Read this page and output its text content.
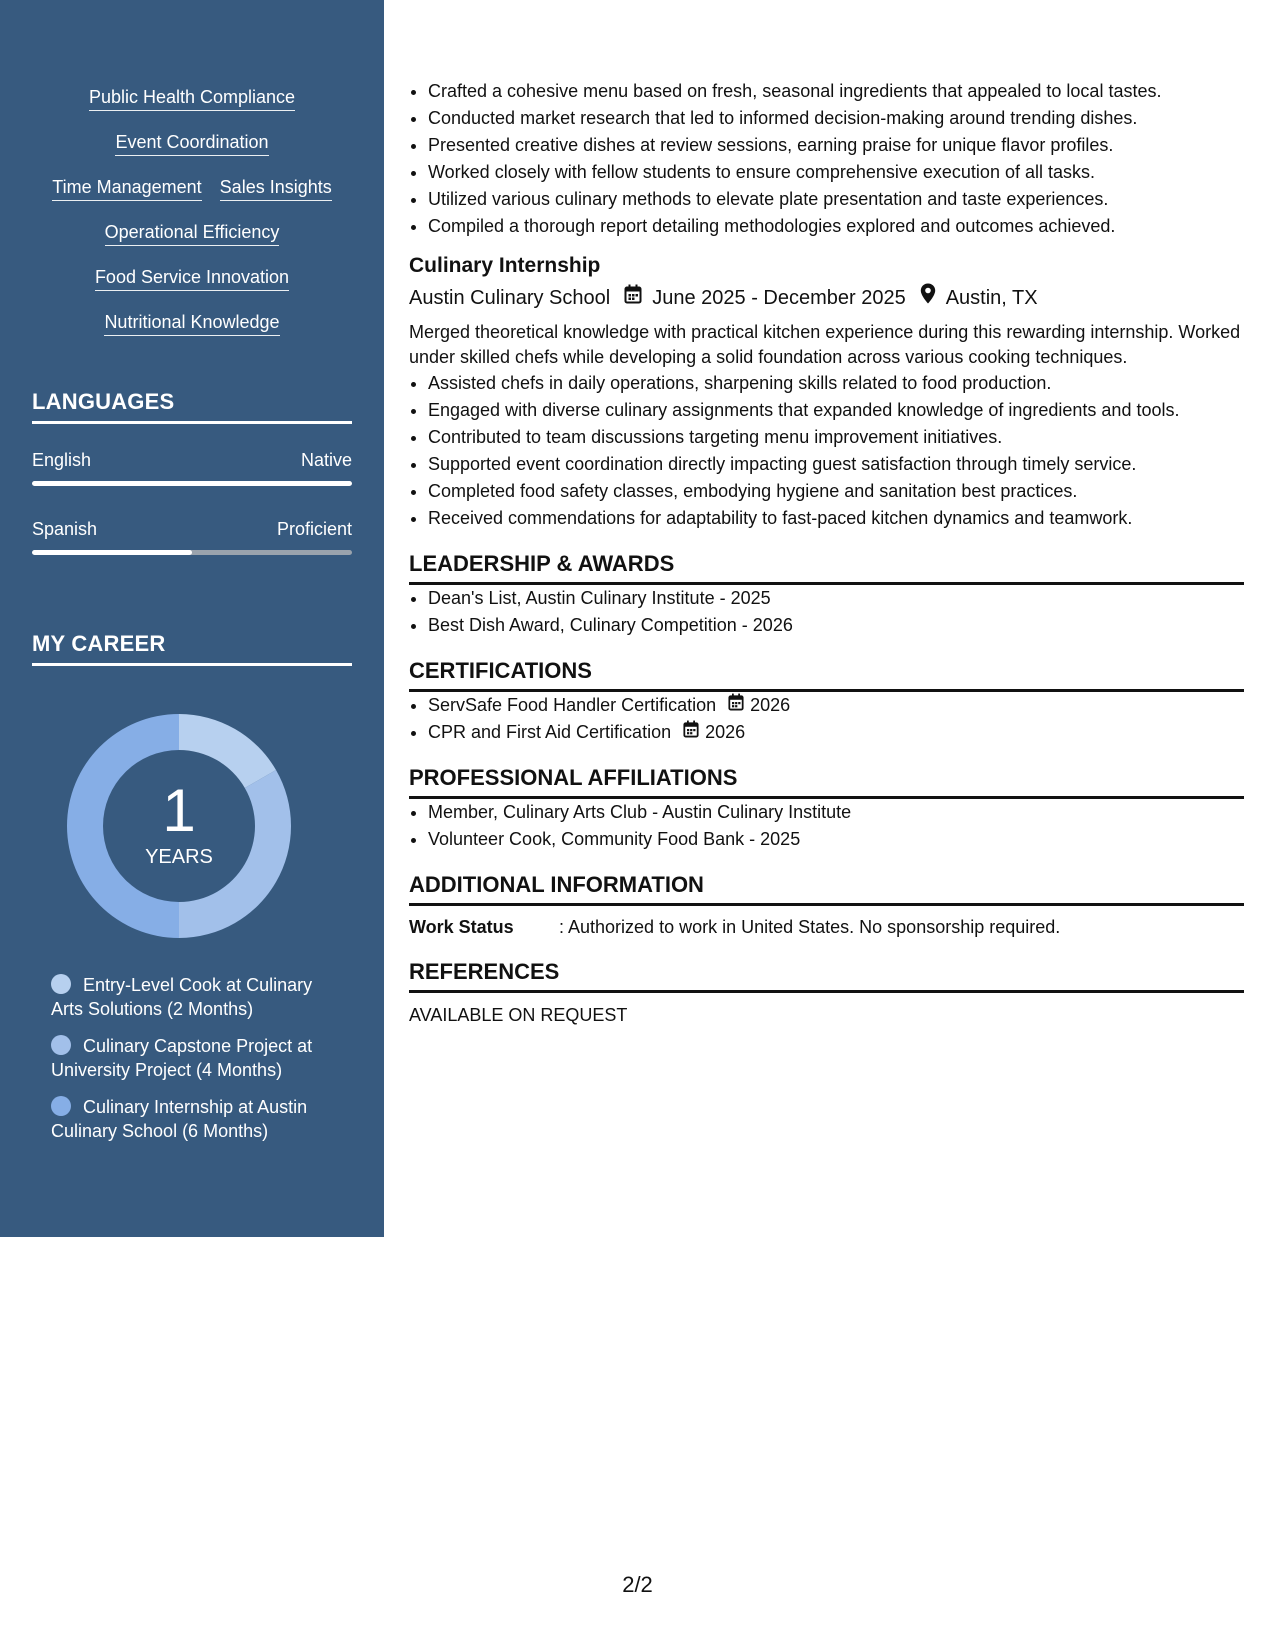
Public Health Compliance
Event Coordination
Time Management Sales Insights
Operational Efficiency
Food Service Innovation
Nutritional Knowledge
LANGUAGES
English	Native
Spanish	Proficient
MY CAREER
1
YEARS
Entry-Level Cook at Culinary Arts Solutions (2 Months)
Culinary Capstone Project at University Project (4 Months)
Culinary Internship at Austin Culinary School (6 Months)
• Crafted a cohesive menu based on fresh, seasonal ingredients that appealed to local tastes.
• Conducted market research that led to informed decision-making around trending dishes.
• Presented creative dishes at review sessions, earning praise for unique flavor profiles.
• Worked closely with fellow students to ensure comprehensive execution of all tasks.
• Utilized various culinary methods to elevate plate presentation and taste experiences.
• Compiled a thorough report detailing methodologies explored and outcomes achieved.
Culinary Internship
Austin Culinary School June 2025 - December 2025 Austin, TX
Merged theoretical knowledge with practical kitchen experience during this rewarding internship. Worked under skilled chefs while developing a solid foundation across various cooking techniques.
• Assisted chefs in daily operations, sharpening skills related to food production.
• Engaged with diverse culinary assignments that expanded knowledge of ingredients and tools.
• Contributed to team discussions targeting menu improvement initiatives.
• Supported event coordination directly impacting guest satisfaction through timely service.
• Completed food safety classes, embodying hygiene and sanitation best practices.
• Received commendations for adaptability to fast-paced kitchen dynamics and teamwork.
LEADERSHIP & AWARDS
• Dean's List, Austin Culinary Institute - 2025
• Best Dish Award, Culinary Competition - 2026
CERTIFICATIONS
• ServSafe Food Handler Certification 2026
• CPR and First Aid Certification 2026
PROFESSIONAL AFFILIATIONS
• Member, Culinary Arts Club - Austin Culinary Institute
• Volunteer Cook, Community Food Bank - 2025
ADDITIONAL INFORMATION
Work Status	: Authorized to work in United States. No sponsorship required.
REFERENCES
AVAILABLE ON REQUEST
2/2
